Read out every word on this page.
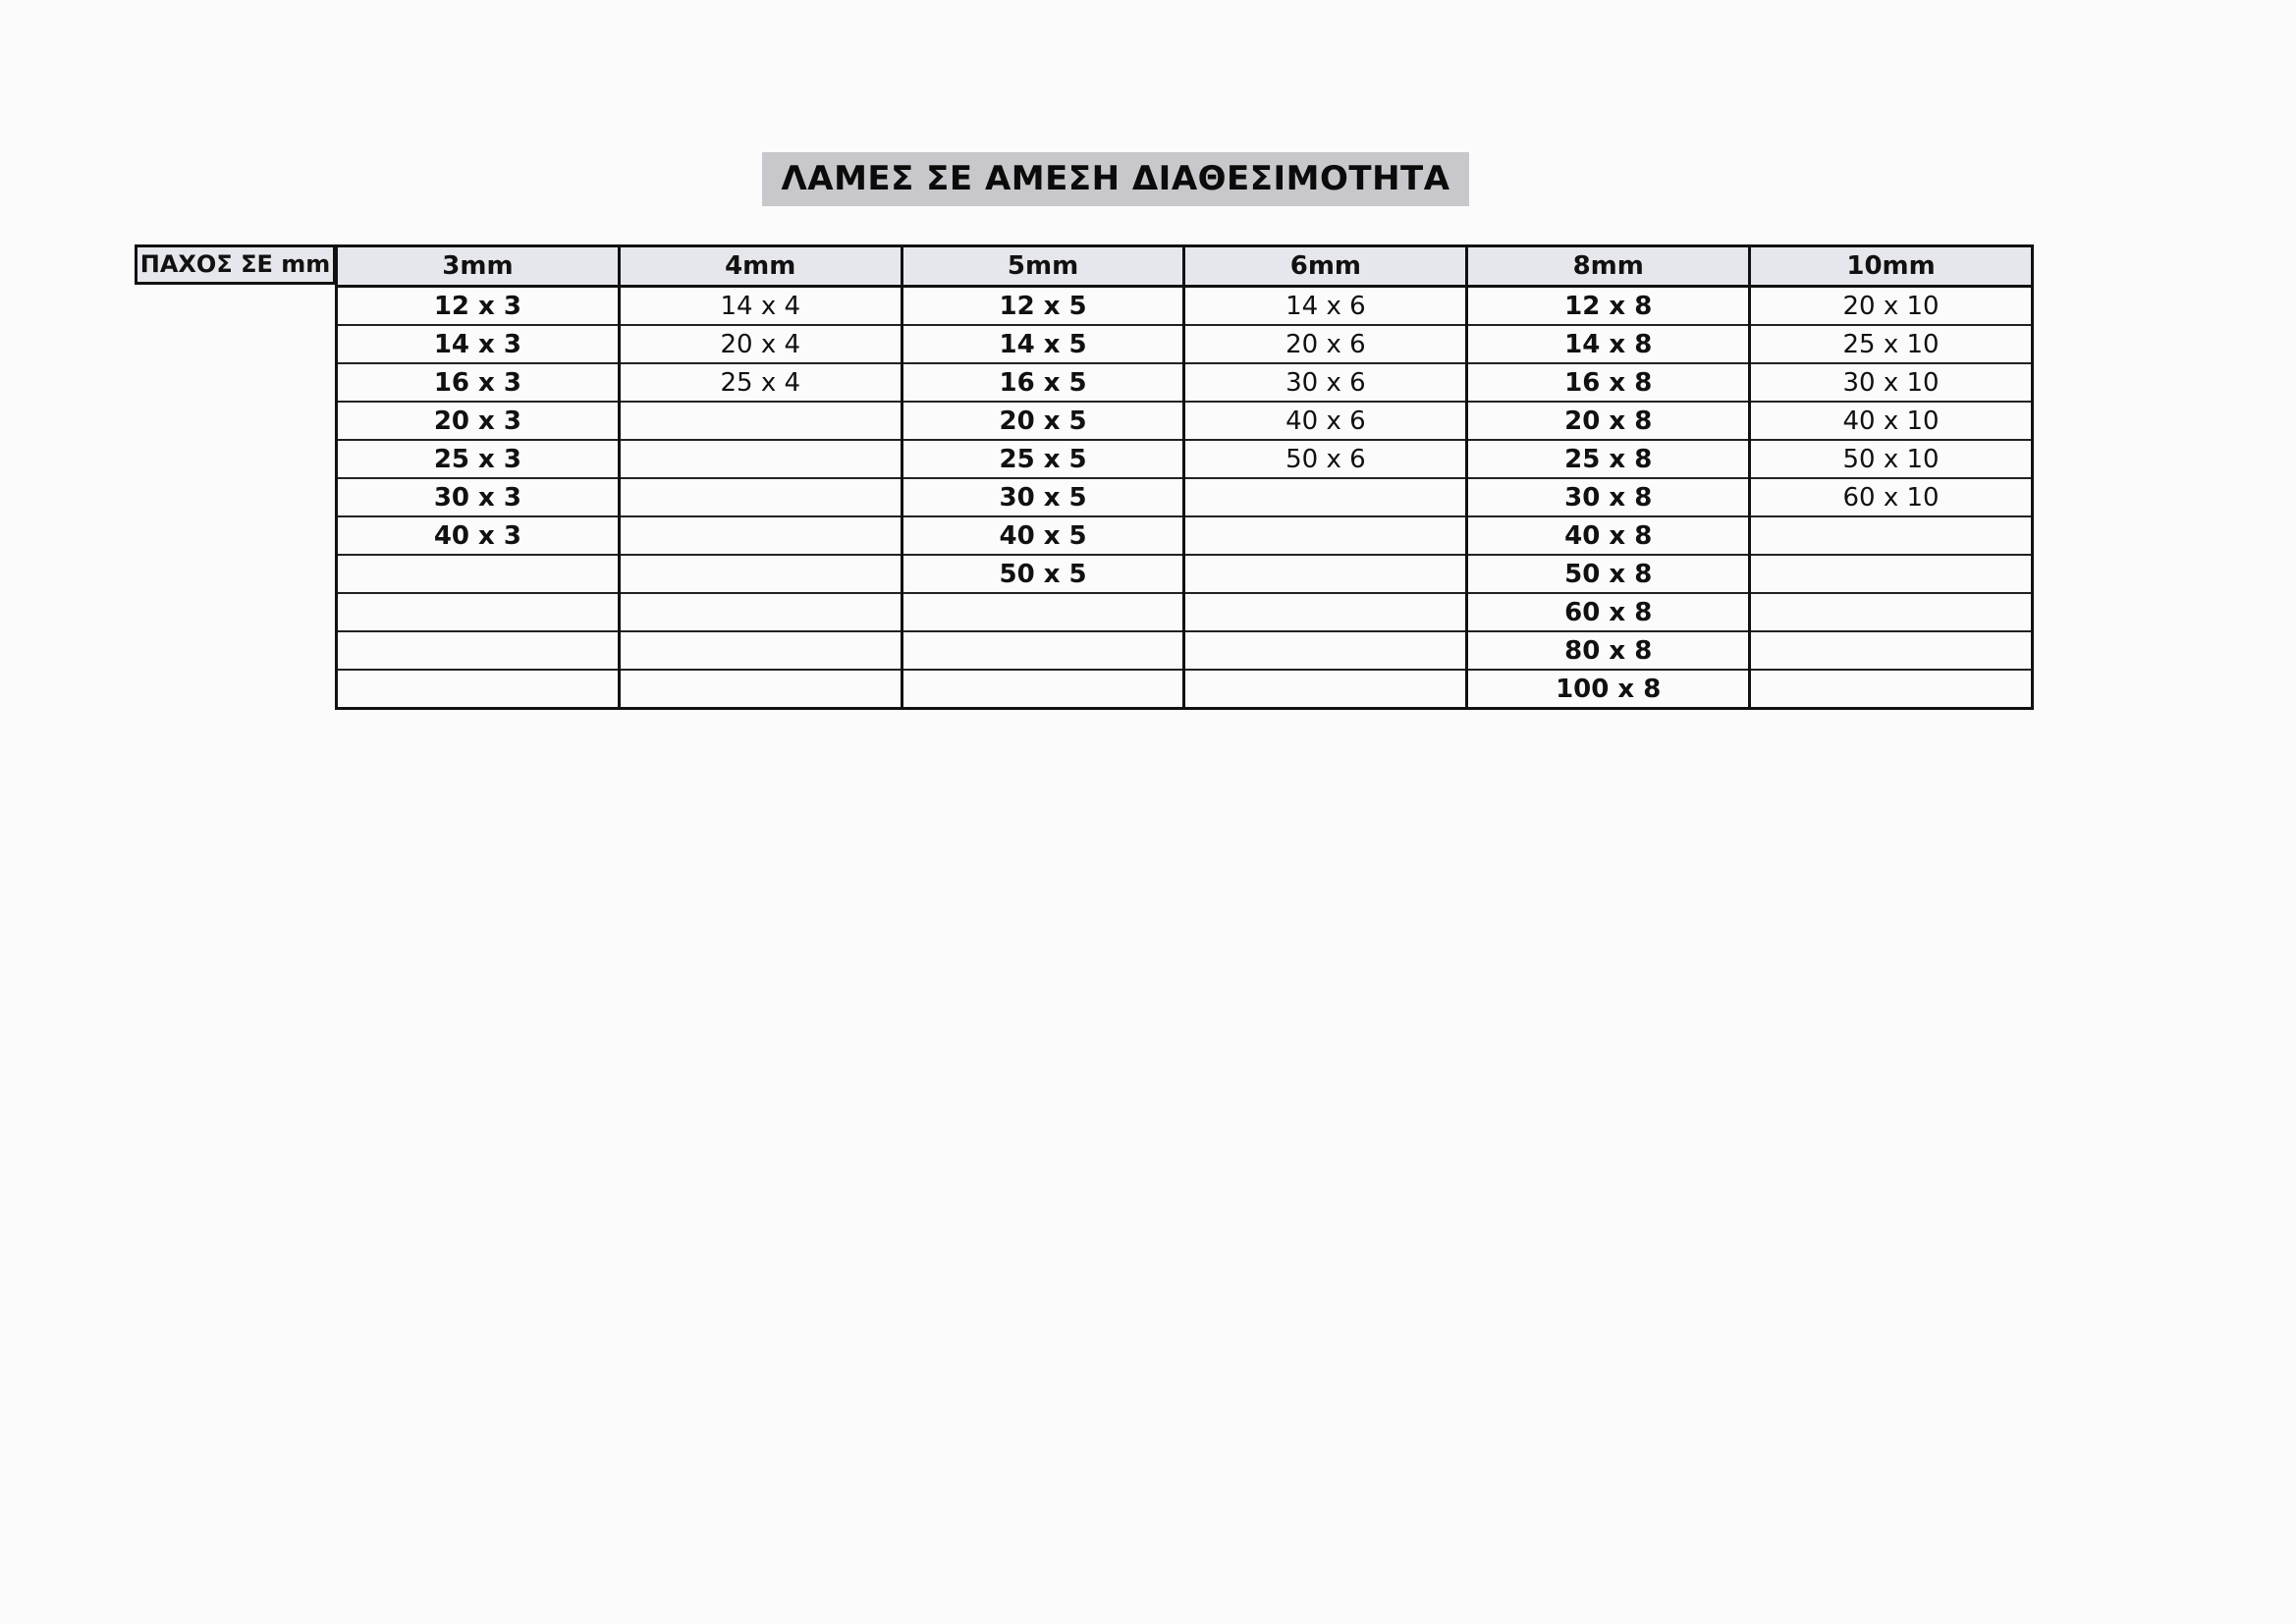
ΛΑΜΕΣ ΣΕ ΑΜΕΣΗ ΔΙΑΘΕΣΙΜΟΤΗΤΑ
ΠΑΧΟΣ ΣΕ mm	3mm	4mm	5mm	6mm	8mm	10mm
12 x 3	14 x 4	12 x 5	14 x 6	12 x 8	20 x 10
14 x 3	20 x 4	14 x 5	20 x 6	14 x 8	25 x 10
16 x 3	25 x 4	16 x 5	30 x 6	16 x 8	30 x 10
20 x 3		20 x 5	40 x 6	20 x 8	40 x 10
25 x 3		25 x 5	50 x 6	25 x 8	50 x 10
30 x 3		30 x 5		30 x 8	60 x 10
40 x 3		40 x 5		40 x 8	
		50 x 5		50 x 8	
				60 x 8	
				80 x 8	
				100 x 8	
